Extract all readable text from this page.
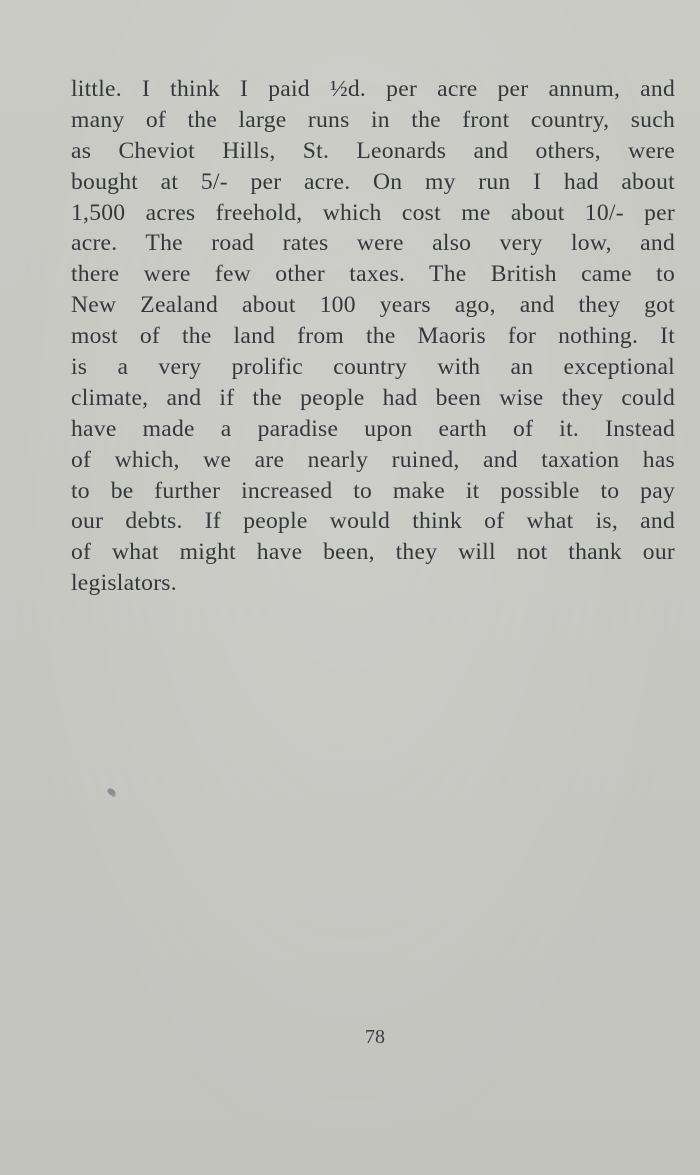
little. I think I paid ½d. per acre per annum, and
many of the large runs in the front country, such
as Cheviot Hills, St. Leonards and others, were
bought at 5/- per acre. On my run I had about
1,500 acres freehold, which cost me about 10/- per
acre. The road rates were also very low, and
there were few other taxes. The British came to
New Zealand about 100 years ago, and they got
most of the land from the Maoris for nothing. It
is a very prolific country with an exceptional
climate, and if the people had been wise they could
have made a paradise upon earth of it. Instead
of which, we are nearly ruined, and taxation has
to be further increased to make it possible to pay
our debts. If people would think of what is, and
of what might have been, they will not thank our
legislators.
78
